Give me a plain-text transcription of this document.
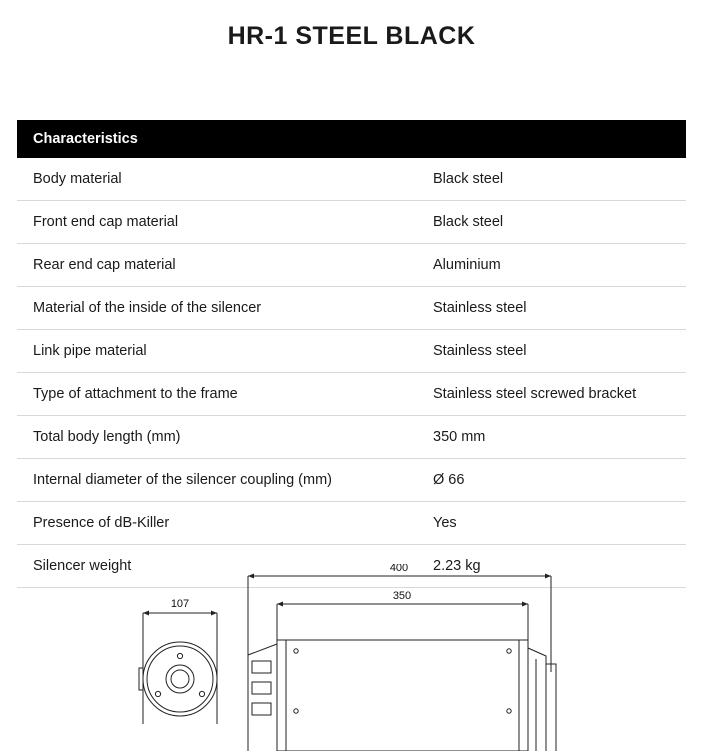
HR-1 STEEL BLACK
Characteristics	
Body material	Black steel
Front end cap material	Black steel
Rear end cap material	Aluminium
Material of the inside of the silencer	Stainless steel
Link pipe material	Stainless steel
Type of attachment to the frame	Stainless steel screwed bracket
Total body length (mm)	350 mm
Internal diameter of the silencer coupling (mm)	Ø 66
Presence of dB-Killer	Yes
Silencer weight	2.23 kg
107
400
350
